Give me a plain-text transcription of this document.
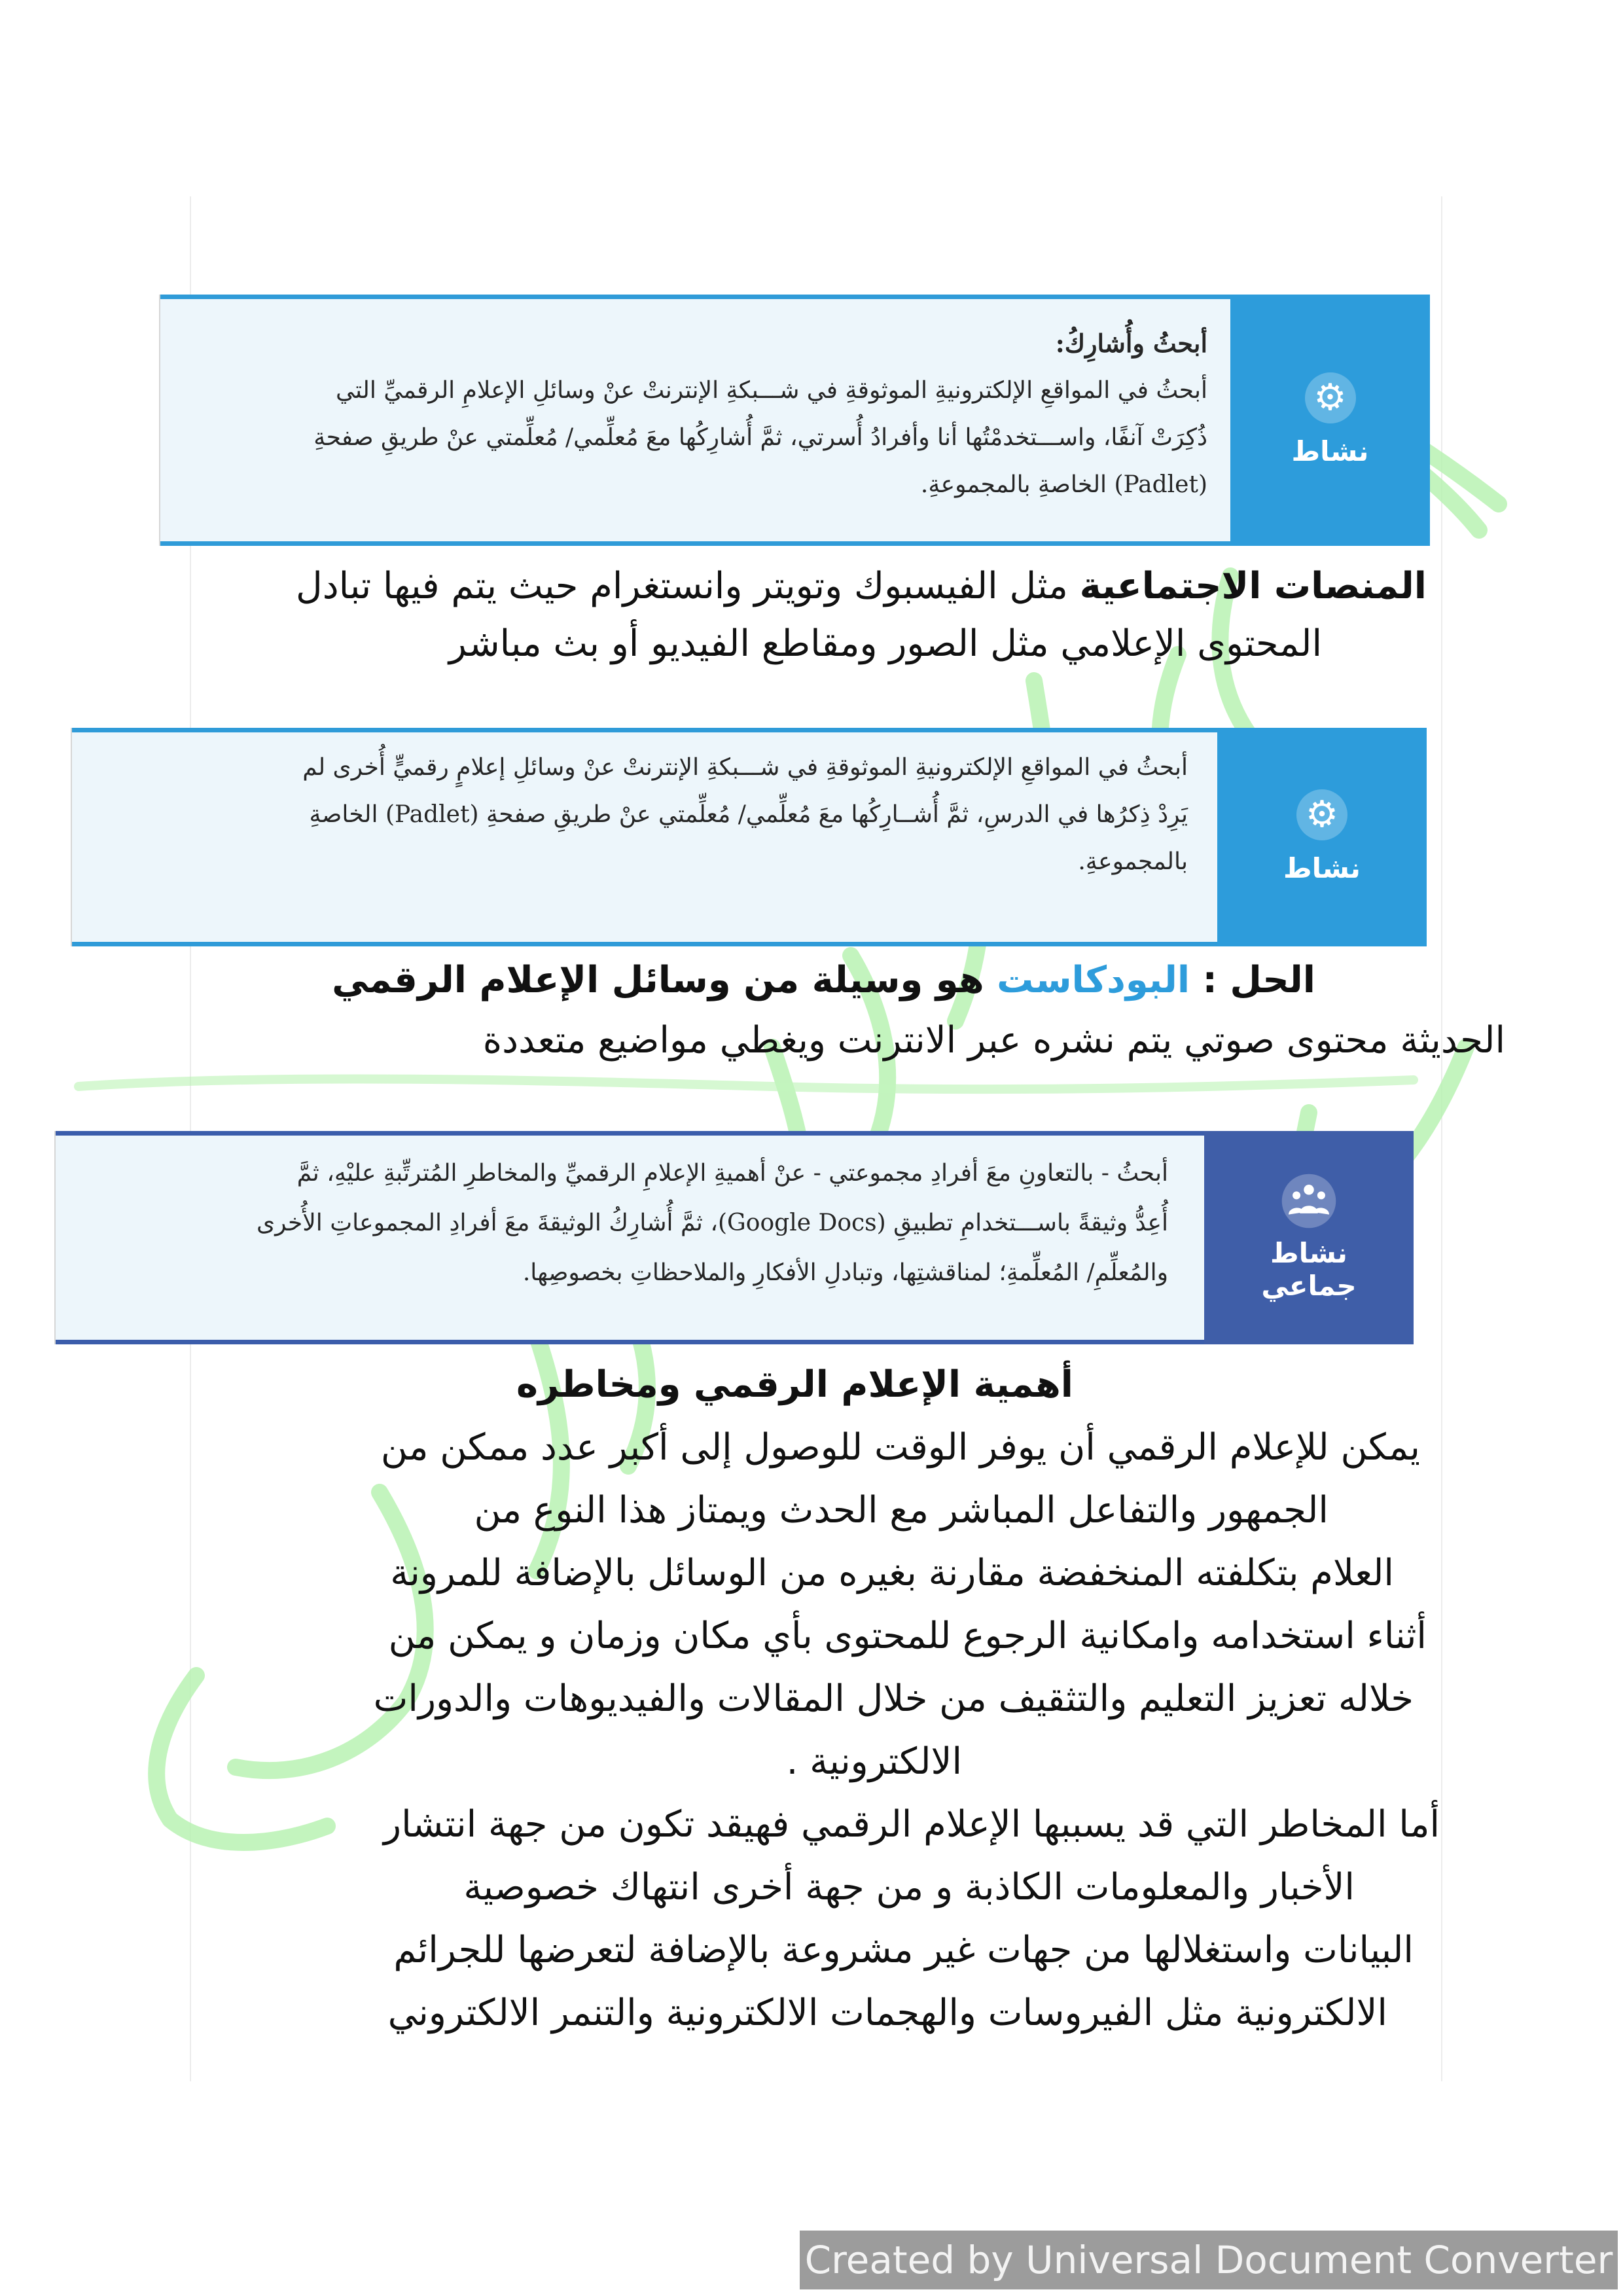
⚙
نشاط
أبحثُ وأُشارِكُ:
أبحثُ في المواقعِ الإلكترونيةِ الموثوقةِ في شـــبكةِ الإنترنتْ عنْ وسائلِ الإعلامِ الرقميِّ التي
ذُكِرَتْ آنفًا، واســـتخدمْتُها أنا وأفرادُ أُسرتي، ثمَّ أُشارِكُها معَ مُعلِّمي/ مُعلِّمتي عنْ طريقِ صفحةِ
(Padlet) الخاصةِ بالمجموعةِ.
المنصات الاجتماعية مثل الفيسبوك وتويتر وانستغرام حيث يتم فيها تبادل
المحتوى الإعلامي مثل الصور ومقاطع الفيديو أو بث مباشر
⚙
نشاط
أبحثُ في المواقعِ الإلكترونيةِ الموثوقةِ في شـــبكةِ الإنترنتْ عنْ وسائلِ إعلامٍ رقميٍّ أُخرى لم
يَرِدْ ذِكرُها في الدرسِ، ثمَّ أُشــارِكُها معَ مُعلِّمي/ مُعلِّمتي عنْ طريقِ صفحةِ (Padlet) الخاصةِ
بالمجموعةِ.
الحل : البودكاست هو وسيلة من وسائل الإعلام الرقمي
الحديثة محتوى صوتي يتم نشره عبر الانترنت ويغطي مواضيع متعددة
نشاط
جماعي
أبحثُ - بالتعاونِ معَ أفرادِ مجموعتي - عنْ أهميةِ الإعلامِ الرقميِّ والمخاطرِ المُترتِّبةِ عليْهِ، ثمَّ
أُعِدُّ وثيقةً باســـتخدامِ تطبيقِ (Google Docs)، ثمَّ أُشارِكُ الوثيقةَ معَ أفرادِ المجموعاتِ الأُخرى
والمُعلِّمِ/ المُعلِّمةِ؛ لمناقشتِها، وتبادلِ الأفكارِ والملاحظاتِ بخصوصِها.
أهمية الإعلام الرقمي ومخاطره
يمكن للإعلام الرقمي أن يوفر الوقت للوصول إلى أكبر عدد ممكن من
الجمهور والتفاعل المباشر مع الحدث ويمتاز هذا النوع من
العلام بتكلفته المنخفضة مقارنة بغيره من الوسائل بالإضافة للمرونة
أثناء استخدامه وامكانية الرجوع للمحتوى بأي مكان وزمان و يمكن من
خلاله تعزيز التعليم والتثقيف من خلال المقالات والفيديوهات والدورات
الالكترونية .
أما المخاطر التي قد يسببها الإعلام الرقمي فهيقد تكون من جهة انتشار
الأخبار والمعلومات الكاذبة و من جهة أخرى انتهاك خصوصية
البيانات واستغلالها من جهات غير مشروعة بالإضافة لتعرضها للجرائم
الالكترونية مثل الفيروسات والهجمات الالكترونية والتنمر الالكتروني
Created by Universal Document Converter
